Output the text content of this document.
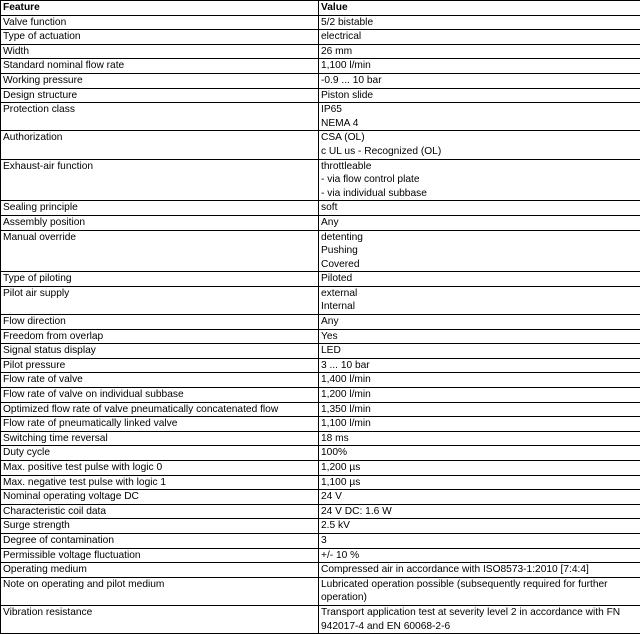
Feature	Value
Valve function	5/2 bistable

Type of actuation	electrical

Width	26 mm

Standard nominal flow rate	1,100 l/min

Working pressure	-0.9 ... 10 bar

Design structure	Piston slide

Protection class	IP65
NEMA 4

Authorization	CSA (OL)
c UL us - Recognized (OL)

Exhaust-air function	throttleable
- via flow control plate
- via individual subbase

Sealing principle	soft

Assembly position	Any

Manual override	detenting
Pushing
Covered

Type of piloting	Piloted

Pilot air supply	external
Internal

Flow direction	Any

Freedom from overlap	Yes

Signal status display	LED

Pilot pressure	3 ... 10 bar

Flow rate of valve	1,400 l/min

Flow rate of valve on individual subbase	1,200 l/min

Optimized flow rate of valve pneumatically concatenated flow	1,350 l/min

Flow rate of pneumatically linked valve	1,100 l/min

Switching time reversal	18 ms

Duty cycle	100%

Max. positive test pulse with logic 0	1,200 µs

Max. negative test pulse with logic 1	1,100 µs

Nominal operating voltage DC	24 V

Characteristic coil data	24 V DC: 1.6 W

Surge strength	2.5 kV

Degree of contamination	3

Permissible voltage fluctuation	+/- 10 %

Operating medium	Compressed air in accordance with ISO8573-1:2010 [7:4:4]

Note on operating and pilot medium	Lubricated operation possible (subsequently required for further operation)

Vibration resistance	Transport application test at severity level 2 in accordance with FN 942017-4 and EN 60068-2-6
